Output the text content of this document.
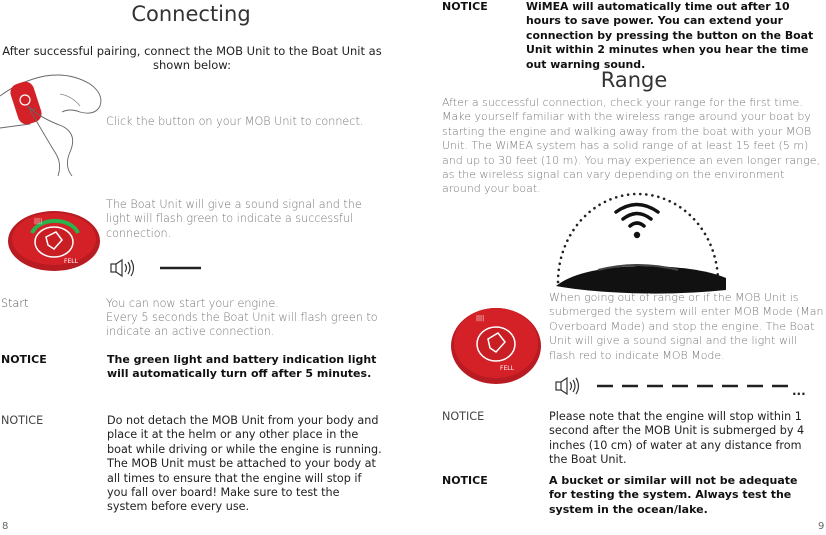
Connecting
After successful pairing, connect the MOB Unit to the Boat Unit as shown below:
Click the button on your MOB Unit to connect.
FELL
||||
The Boat Unit will give a sound signal and the light will flash green to indicate a successful connection.
Start	You can now start your engine.
Every 5 seconds the Boat Unit will flash green to indicate an active connection.
NOTICE	The green light and battery indication light will automatically turn off after 5 minutes.
NOTICE	Do not detach the MOB Unit from your body and place it at the helm or any other place in the boat while driving or while the engine is running. The MOB Unit must be attached to your body at all times to ensure that the engine will stop if you fall over board! Make sure to test the system before every use.
8
NOTICE	WiMEA will automatically time out after 10 hours to save power. You can extend your connection by pressing the button on the Boat Unit within 2 minutes when you hear the time out warning sound.
Range
After a successful connection, check your range for the first time. Make yourself familiar with the wireless range around your boat by starting the engine and walking away from the boat with your MOB Unit. The WiMEA system has a solid range of at least 15 feet (5 m) and up to 30 feet (10 m). You may experience an even longer range, as the wireless signal can vary depending on the environment around your boat.
||||
FELL
When going out of range or if the MOB Unit is submerged the system will enter MOB Mode (Man Overboard Mode) and stop the engine. The Boat Unit will give a sound signal and the light will flash red to indicate MOB Mode.
...
NOTICE	Please note that the engine will stop within 1 second after the MOB Unit is submerged by 4 inches (10 cm) of water at any distance from the Boat Unit.
NOTICE	A bucket or similar will not be adequate for testing the system. Always test the system in the ocean/lake.
9
